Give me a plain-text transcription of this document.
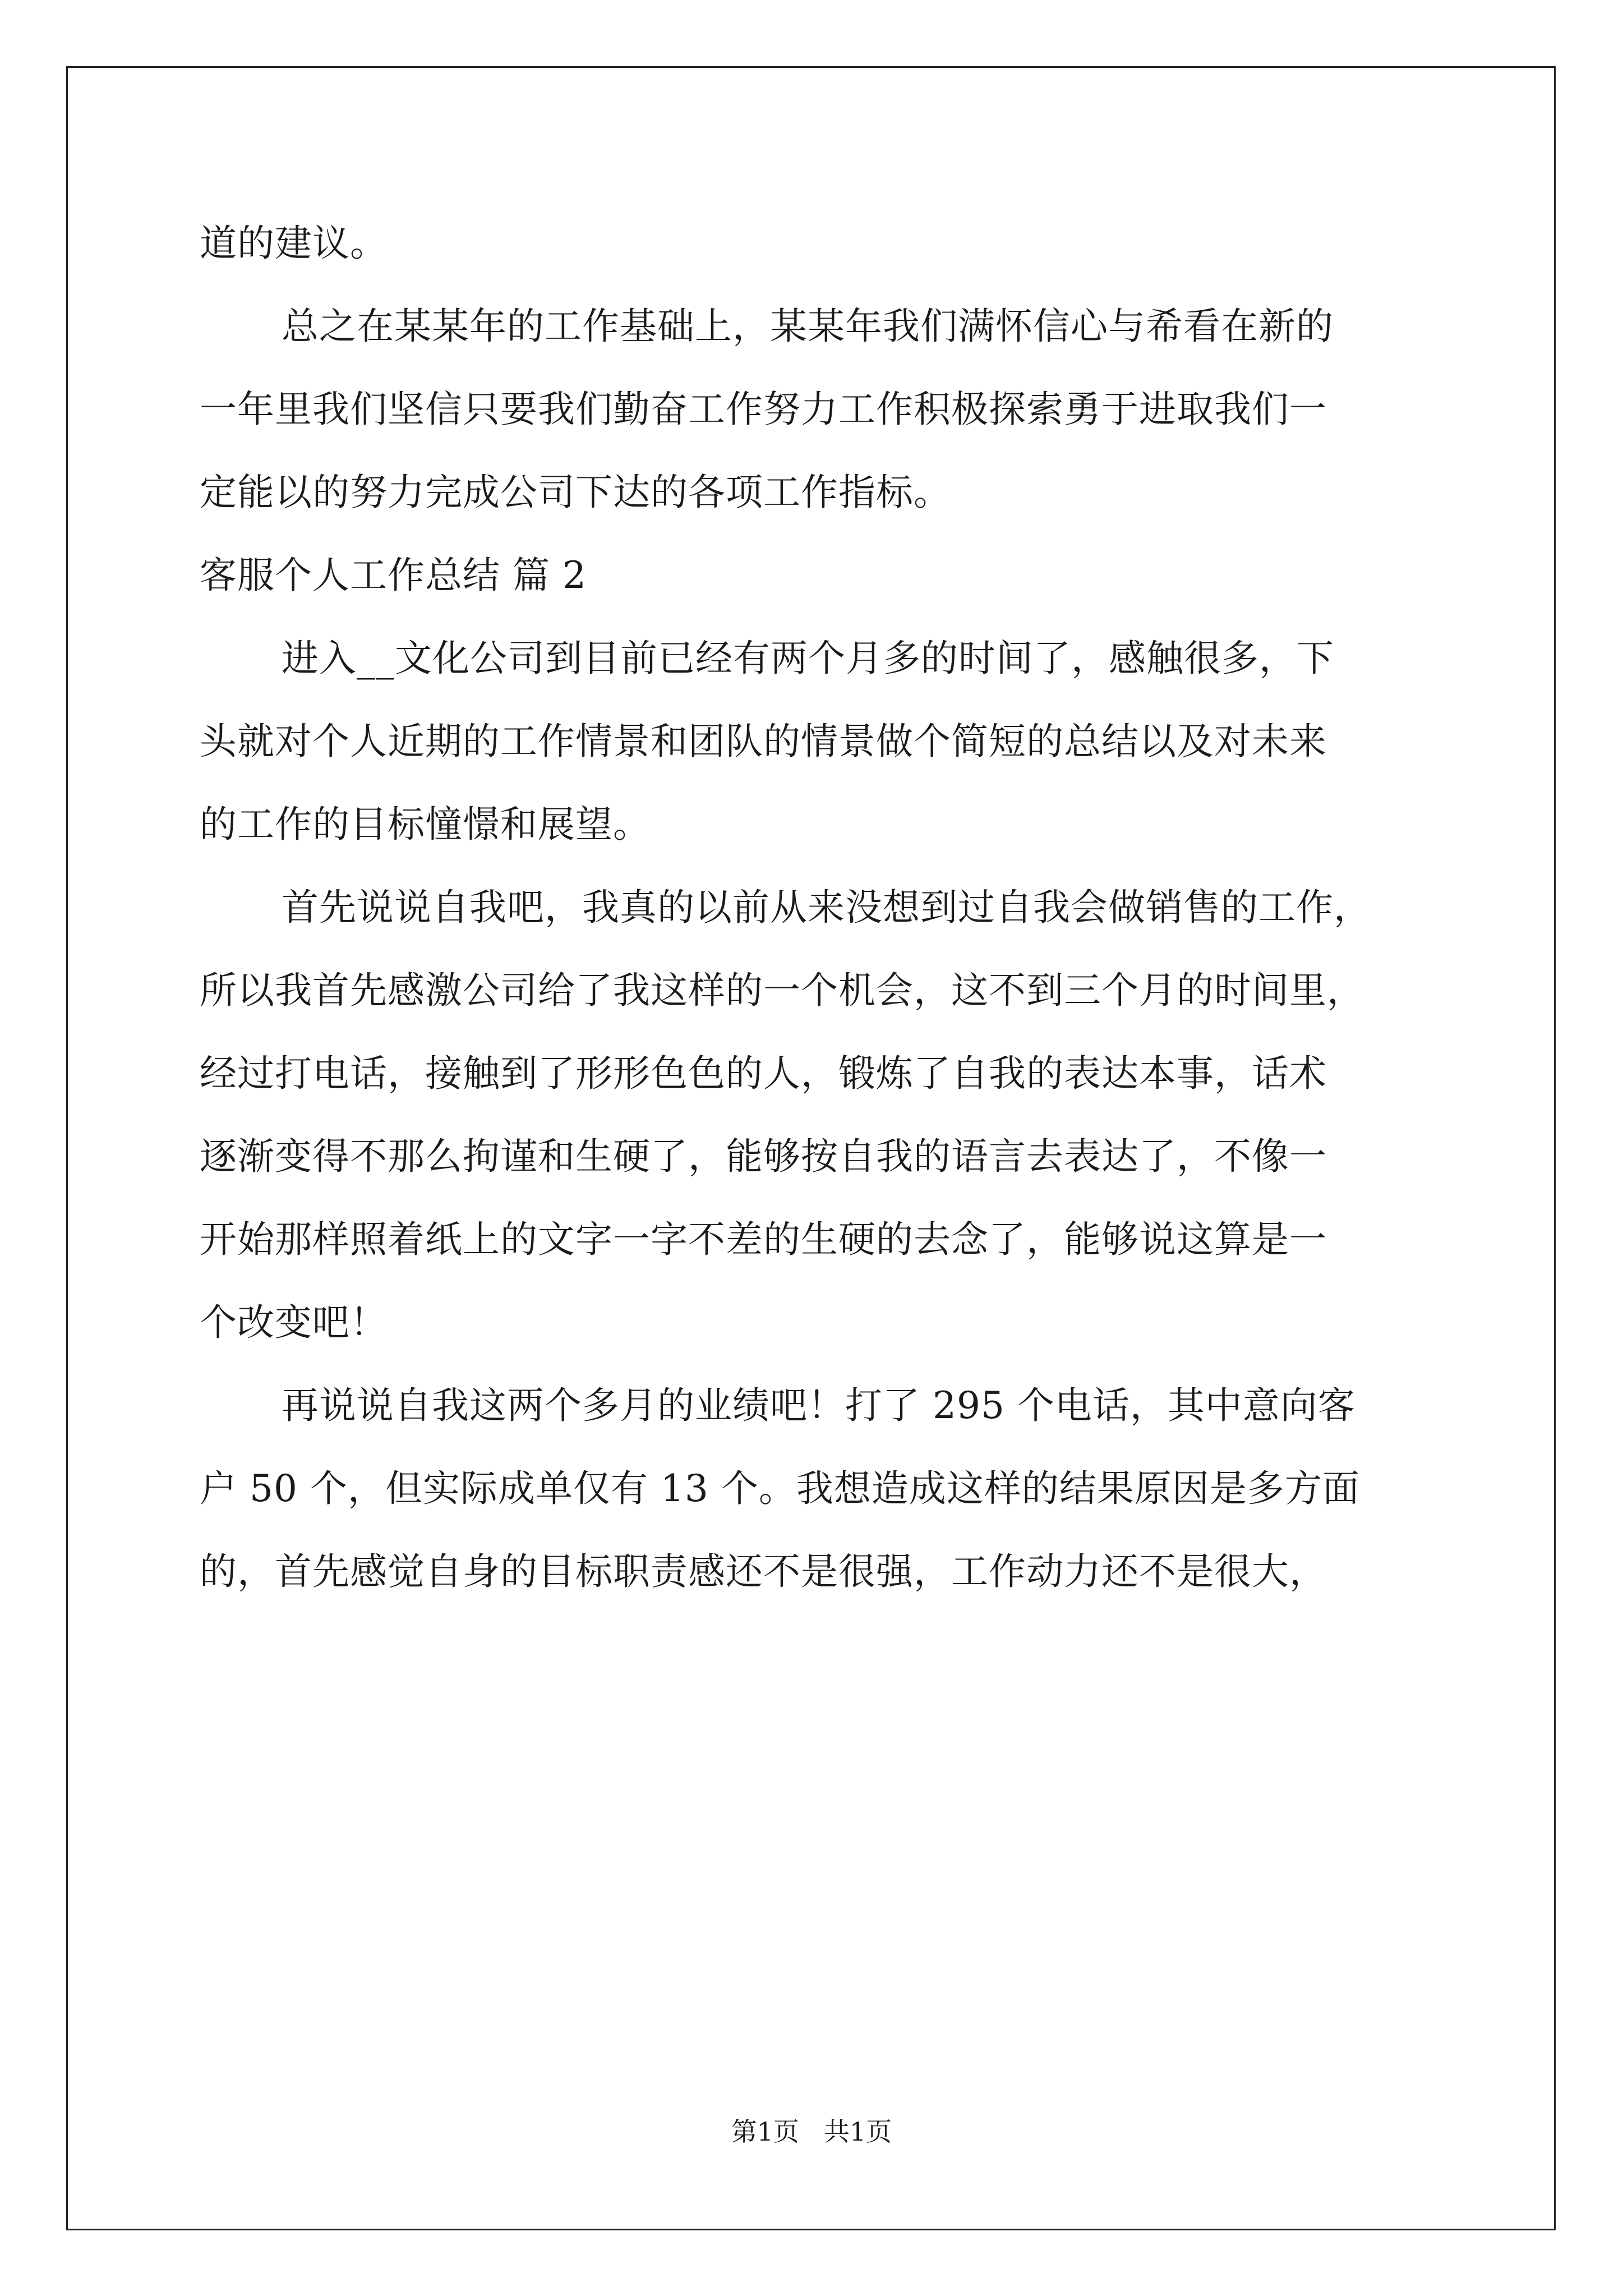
道的建议。
总之在某某年的工作基础上，某某年我们满怀信心与希看在新的
一年里我们坚信只要我们勤奋工作努力工作积极探索勇于进取我们一
定能以的努力完成公司下达的各项工作指标。
客服个人工作总结 篇 2
进入__文化公司到目前已经有两个月多的时间了，感触很多，下
头就对个人近期的工作情景和团队的情景做个简短的总结以及对未来
的工作的目标憧憬和展望。
首先说说自我吧，我真的以前从来没想到过自我会做销售的工作，
所以我首先感激公司给了我这样的一个机会，这不到三个月的时间里，
经过打电话，接触到了形形色色的人，锻炼了自我的表达本事，话术
逐渐变得不那么拘谨和生硬了，能够按自我的语言去表达了，不像一
开始那样照着纸上的文字一字不差的生硬的去念了，能够说这算是一
个改变吧！
再说说自我这两个多月的业绩吧！打了 295 个电话，其中意向客
户 50 个，但实际成单仅有 13 个。我想造成这样的结果原因是多方面
的，首先感觉自身的目标职责感还不是很强，工作动力还不是很大，
第1页 共1页
